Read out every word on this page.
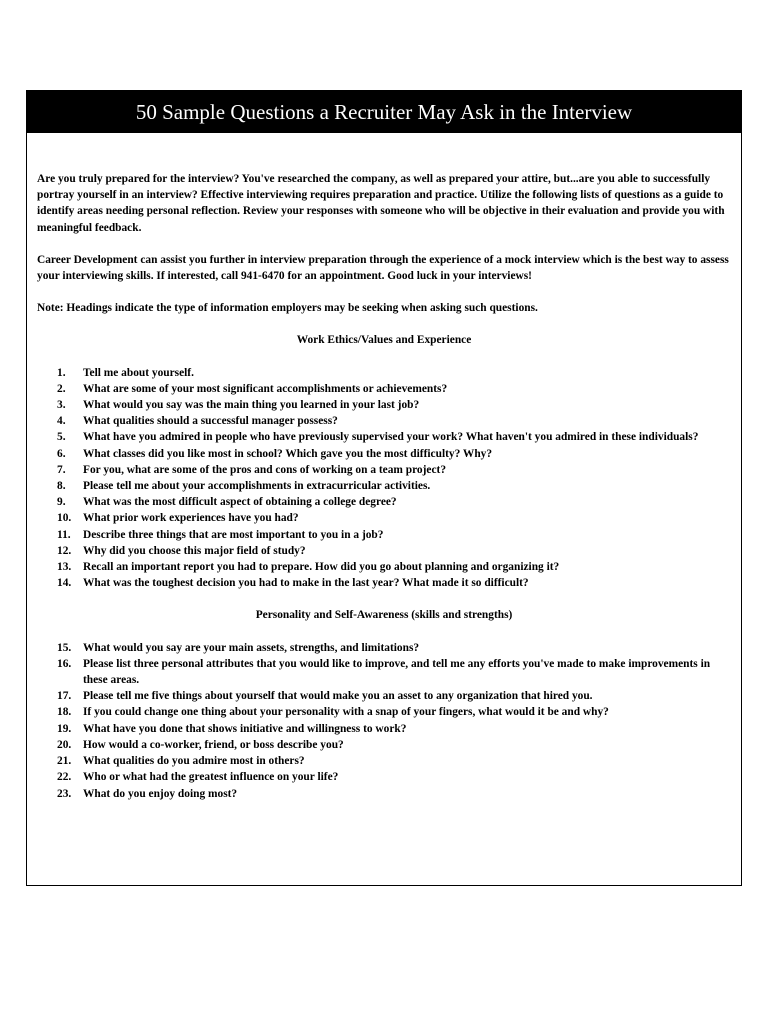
50 Sample Questions a Recruiter May Ask in the Interview

Are you truly prepared for the interview? You've researched the company, as well as prepared your attire, but...are you able to successfully portray yourself in an interview? Effective interviewing requires preparation and practice. Utilize the following lists of questions as a guide to identify areas needing personal reflection. Review your responses with someone who will be objective in their evaluation and provide you with meaningful feedback.

Career Development can assist you further in interview preparation through the experience of a mock interview which is the best way to assess your interviewing skills. If interested, call 941-6470 for an appointment. Good luck in your interviews!

Note: Headings indicate the type of information employers may be seeking when asking such questions.

Work Ethics/Values and Experience
1.	Tell me about yourself.
2.	What are some of your most significant accomplishments or achievements?
3.	What would you say was the main thing you learned in your last job?
4.	What qualities should a successful manager possess?
5.	What have you admired in people who have previously supervised your work? What haven't you admired in these individuals?
6.	What classes did you like most in school? Which gave you the most difficulty? Why?
7.	For you, what are some of the pros and cons of working on a team project?
8.	Please tell me about your accomplishments in extracurricular activities.
9.	What was the most difficult aspect of obtaining a college degree?
10.	What prior work experiences have you had?
11.	Describe three things that are most important to you in a job?
12.	Why did you choose this major field of study?
13.	Recall an important report you had to prepare. How did you go about planning and organizing it?
14.	What was the toughest decision you had to make in the last year? What made it so difficult?
Personality and Self-Awareness (skills and strengths)
15.	What would you say are your main assets, strengths, and limitations?
16.	Please list three personal attributes that you would like to improve, and tell me any efforts you've made to make improvements in these areas.
17.	Please tell me five things about yourself that would make you an asset to any organization that hired you.
18.	If you could change one thing about your personality with a snap of your fingers, what would it be and why?
19.	What have you done that shows initiative and willingness to work?
20.	How would a co-worker, friend, or boss describe you?
21.	What qualities do you admire most in others?
22.	Who or what had the greatest influence on your life?
23.	What do you enjoy doing most?
